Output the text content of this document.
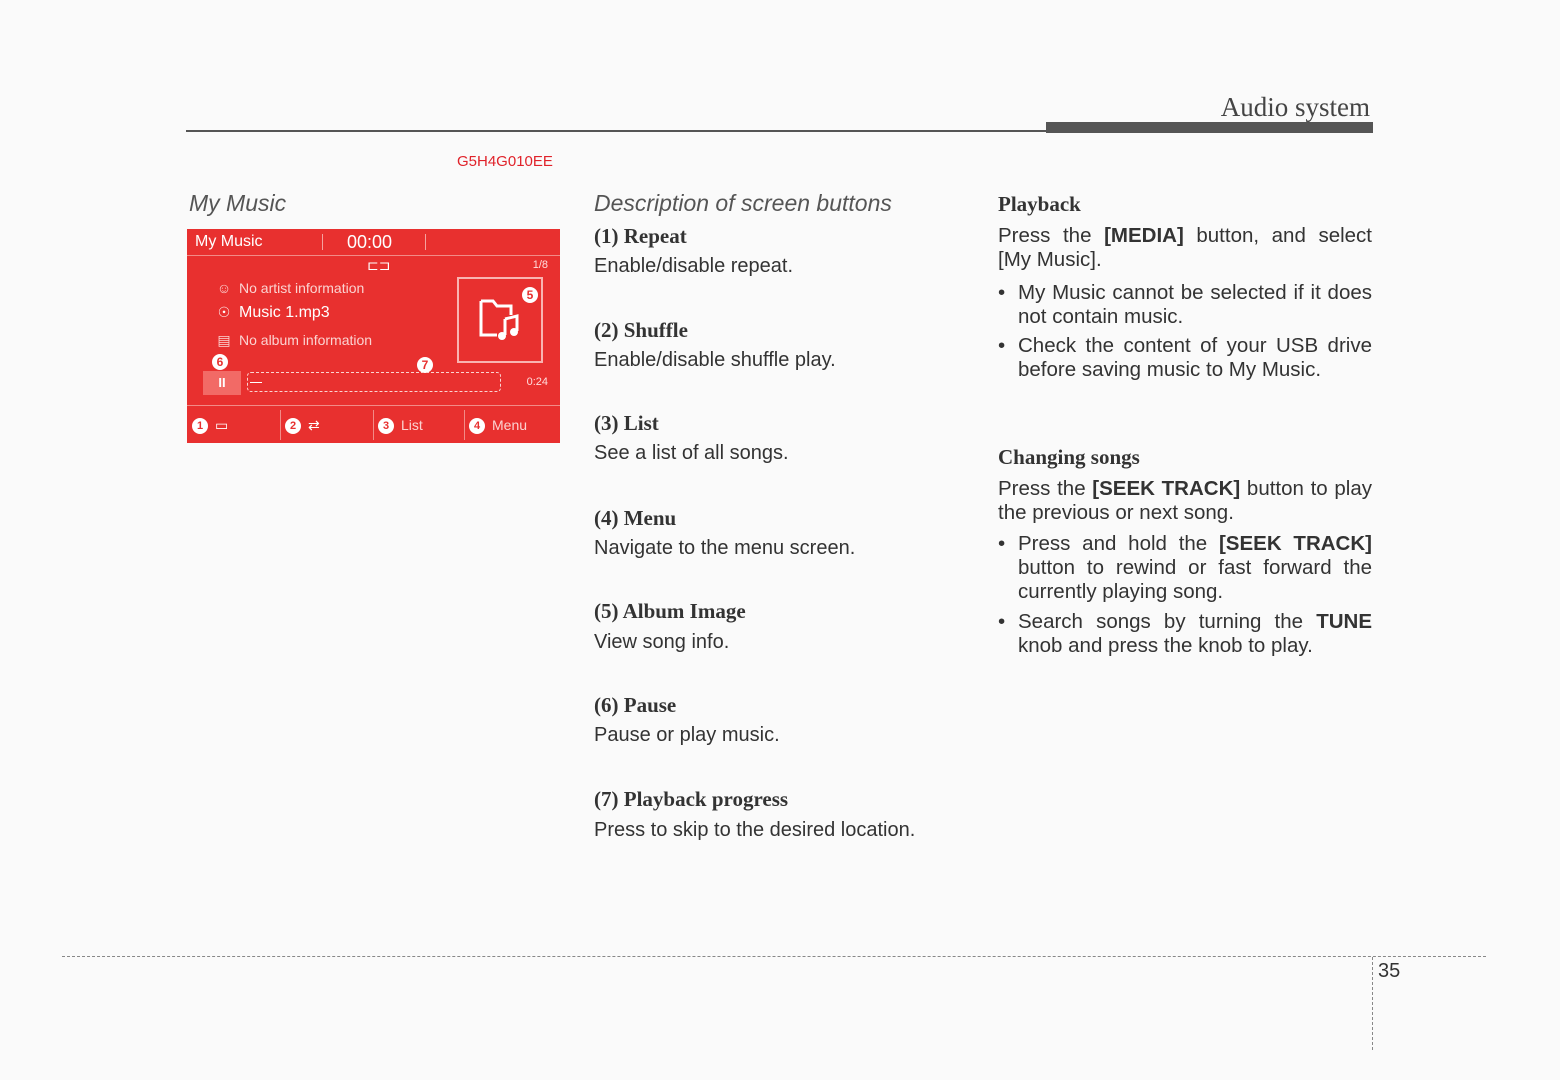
Audio system
G5H4G010EE
My Music
My Music	00:00
⊏⊐	1/8
☺ No artist information
☉ Music 1.mp3
▤ No album information
5
6	7
II	0:24
1 ▭	2 ⇄	3 List	4 Menu
Description of screen buttons
(1) Repeat
Enable/disable repeat.
(2) Shuffle
Enable/disable shuffle play.
(3) List
See a list of all songs.
(4) Menu
Navigate to the menu screen.
(5) Album Image
View song info.
(6) Pause
Pause or play music.
(7) Playback progress
Press to skip to the desired location.
Playback
Press the [MEDIA] button, and select [My Music].
• My Music cannot be selected if it does not contain music.
• Check the content of your USB drive before saving music to My Music.
Changing songs
Press the [SEEK TRACK] button to play the previous or next song.
• Press and hold the [SEEK TRACK] button to rewind or fast forward the currently playing song.
• Search songs by turning the TUNE knob and press the knob to play.
35
